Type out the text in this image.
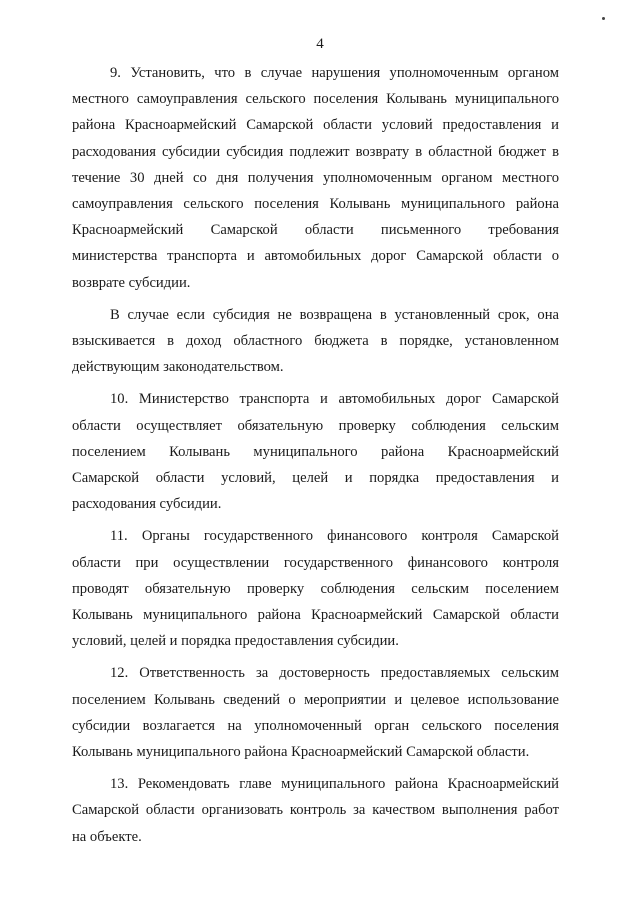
4
9. Установить, что в случае нарушения уполномоченным органом
местного самоуправления сельского поселения Колывань муниципального
района Красноармейский Самарской области условий предоставления и
расходования субсидии субсидия подлежит возврату в областной бюджет в
течение 30 дней со дня получения уполномоченным органом местного
самоуправления сельского поселения Колывань муниципального района
Красноармейский Самарской области письменного требования
министерства транспорта и автомобильных дорог Самарской области о
возврате субсидии.
В случае если субсидия не возвращена в установленный срок, она
взыскивается в доход областного бюджета в порядке, установленном
действующим законодательством.
10. Министерство транспорта и автомобильных дорог Самарской
области осуществляет обязательную проверку соблюдения сельским
поселением Колывань муниципального района Красноармейский
Самарской области условий, целей и порядка предоставления и
расходования субсидии.
11. Органы государственного финансового контроля Самарской
области при осуществлении государственного финансового контроля
проводят обязательную проверку соблюдения сельским поселением
Колывань муниципального района Красноармейский Самарской области
условий, целей и порядка предоставления субсидии.
12. Ответственность за достоверность предоставляемых сельским
поселением Колывань сведений о мероприятии и целевое использование
субсидии возлагается на уполномоченный орган сельского поселения
Колывань муниципального района Красноармейский Самарской области.
13. Рекомендовать главе муниципального района Красноармейский
Самарской области организовать контроль за качеством выполнения работ
на объекте.
